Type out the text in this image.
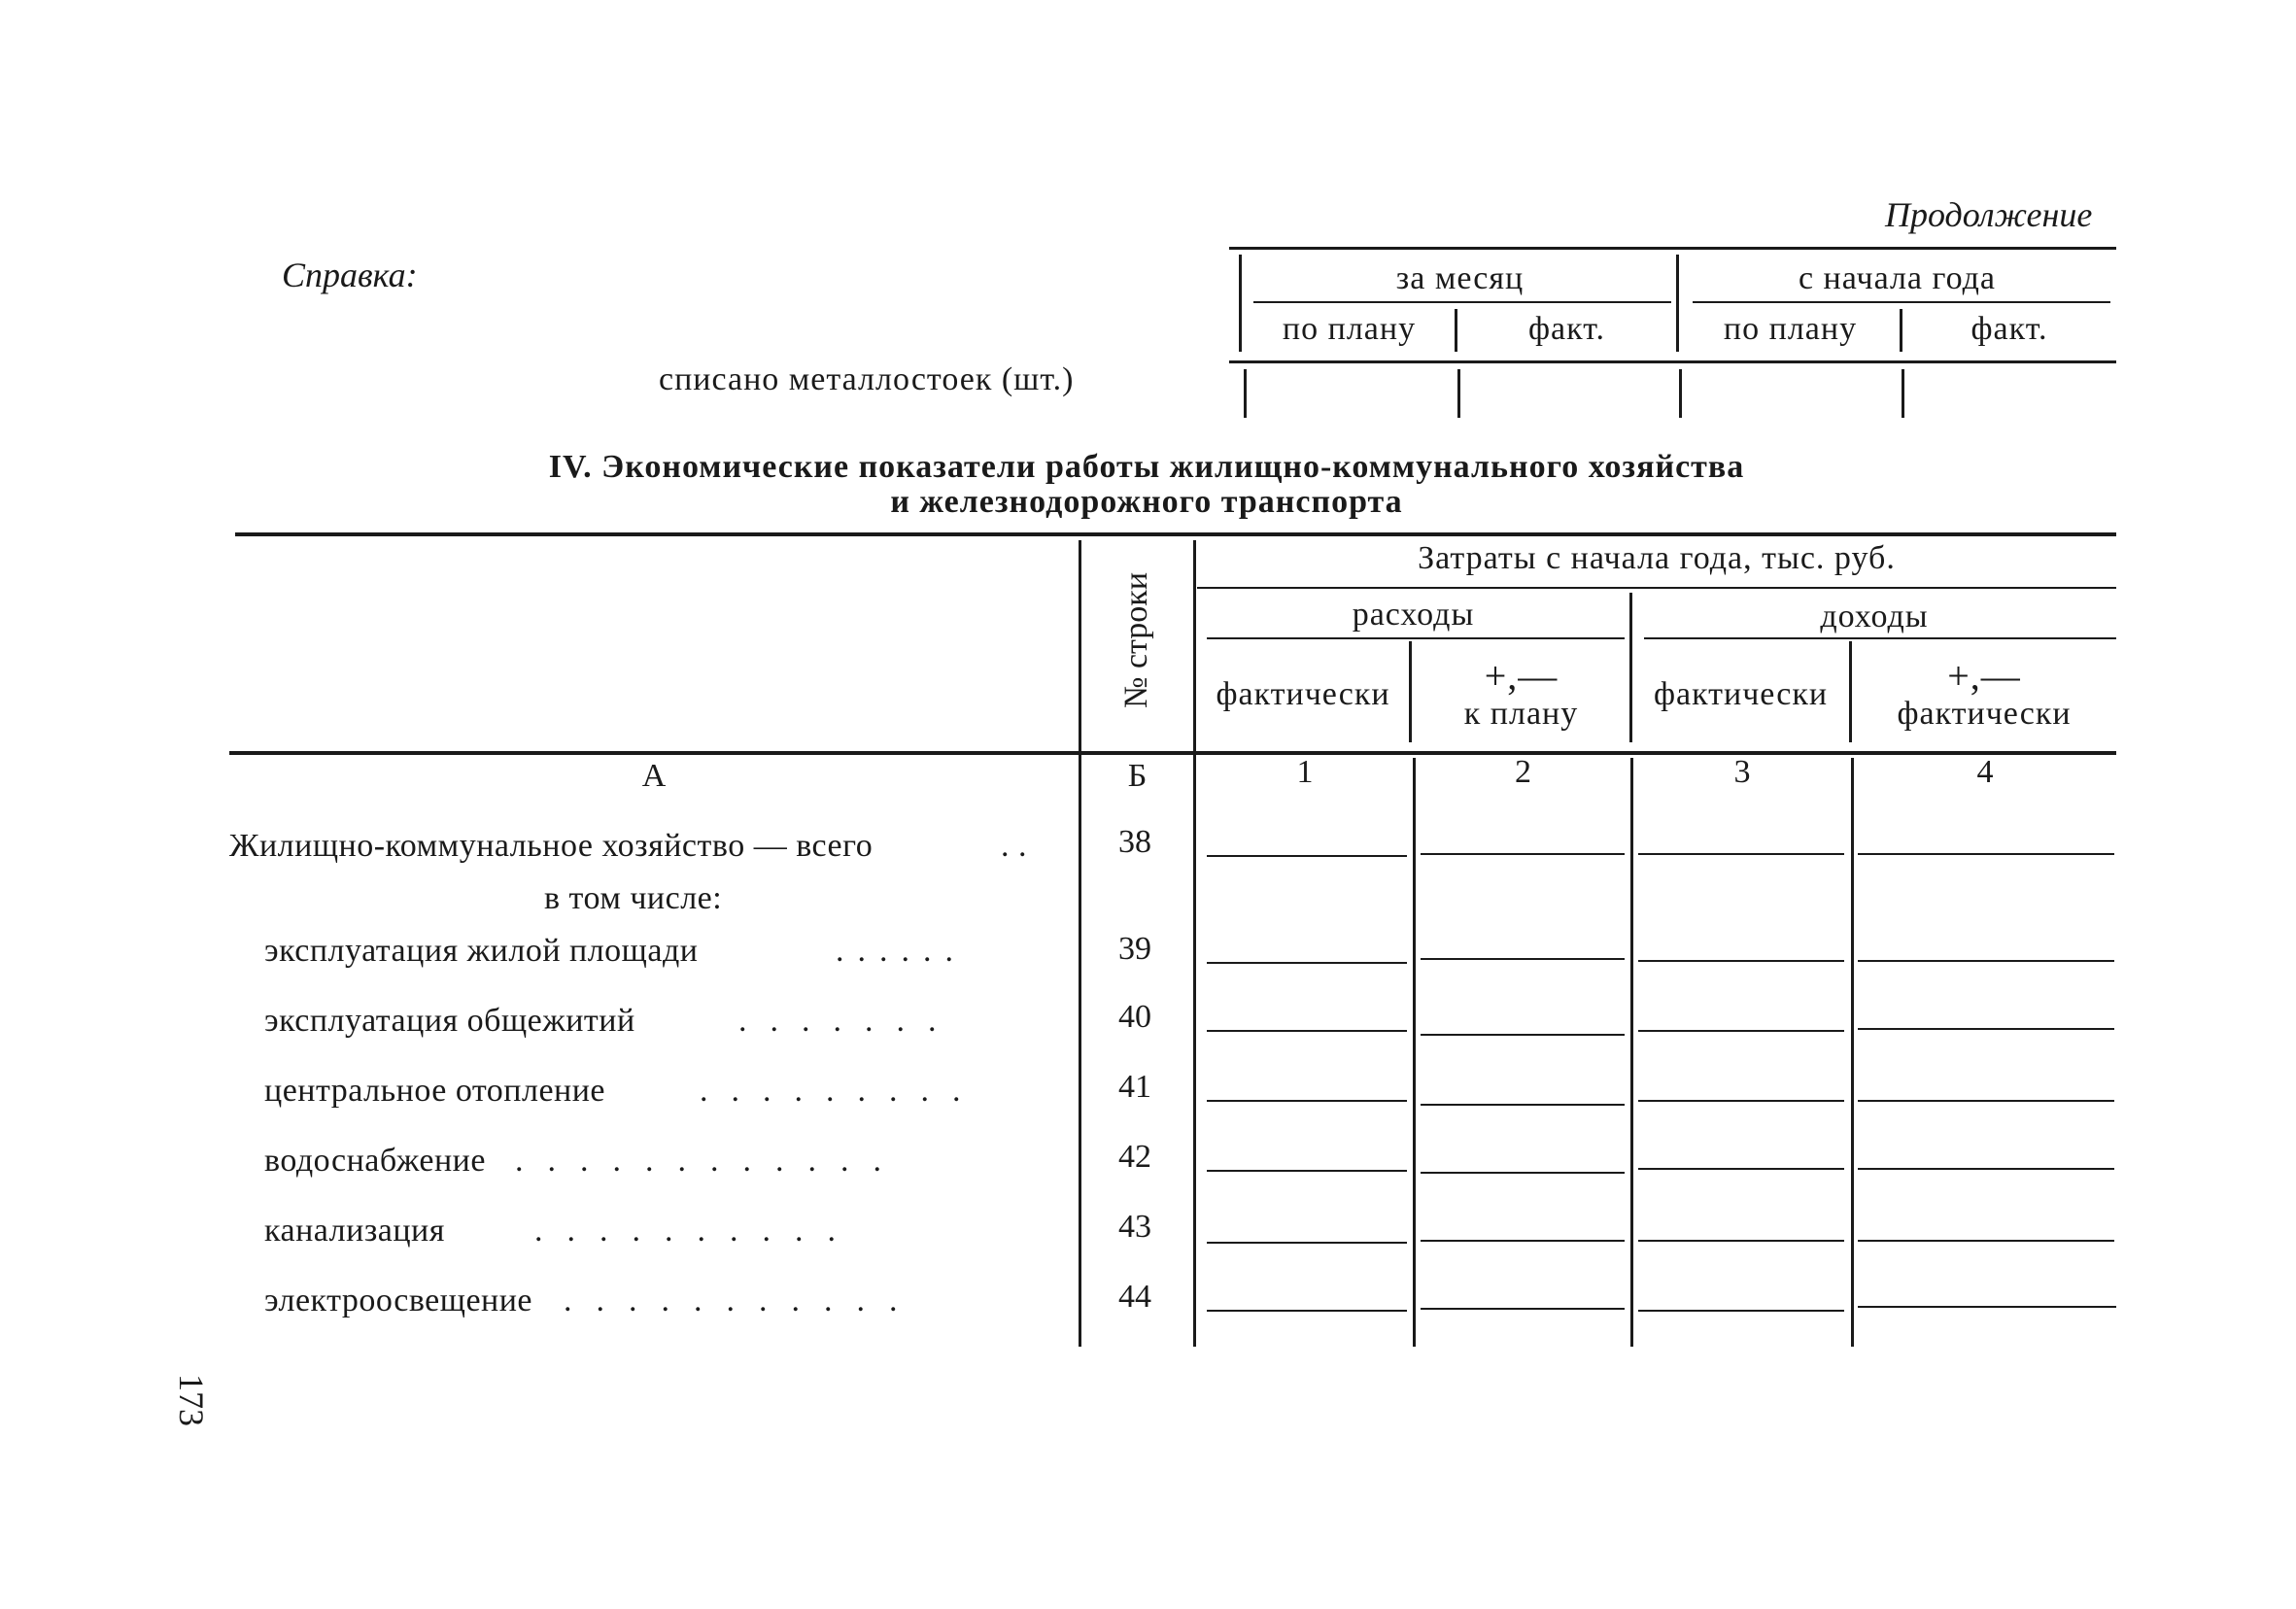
Продолжение
Справка:	за месяц	с начала года
по плану	факт.	по плану	факт.
списано металлостоек (шт.)
IV. Экономические показатели работы жилищно-коммунального хозяйства
и железнодорожного транспорта
№ строки
Затраты с начала года, тыс. руб.
расходы	доходы
фактически	+,—
к плану
фактически	+,—
фактически
А	Б	1	2	3	4
Жилищно-коммунальное хозяйство — всего	. .	38
в том числе:
эксплуатация жилой площади	......	39
эксплуатация общежитий	.......	40
центральное отопление	.........	41
водоснабжение ............	42
канализация	..........	43
электроосвещение ...........	44
173
